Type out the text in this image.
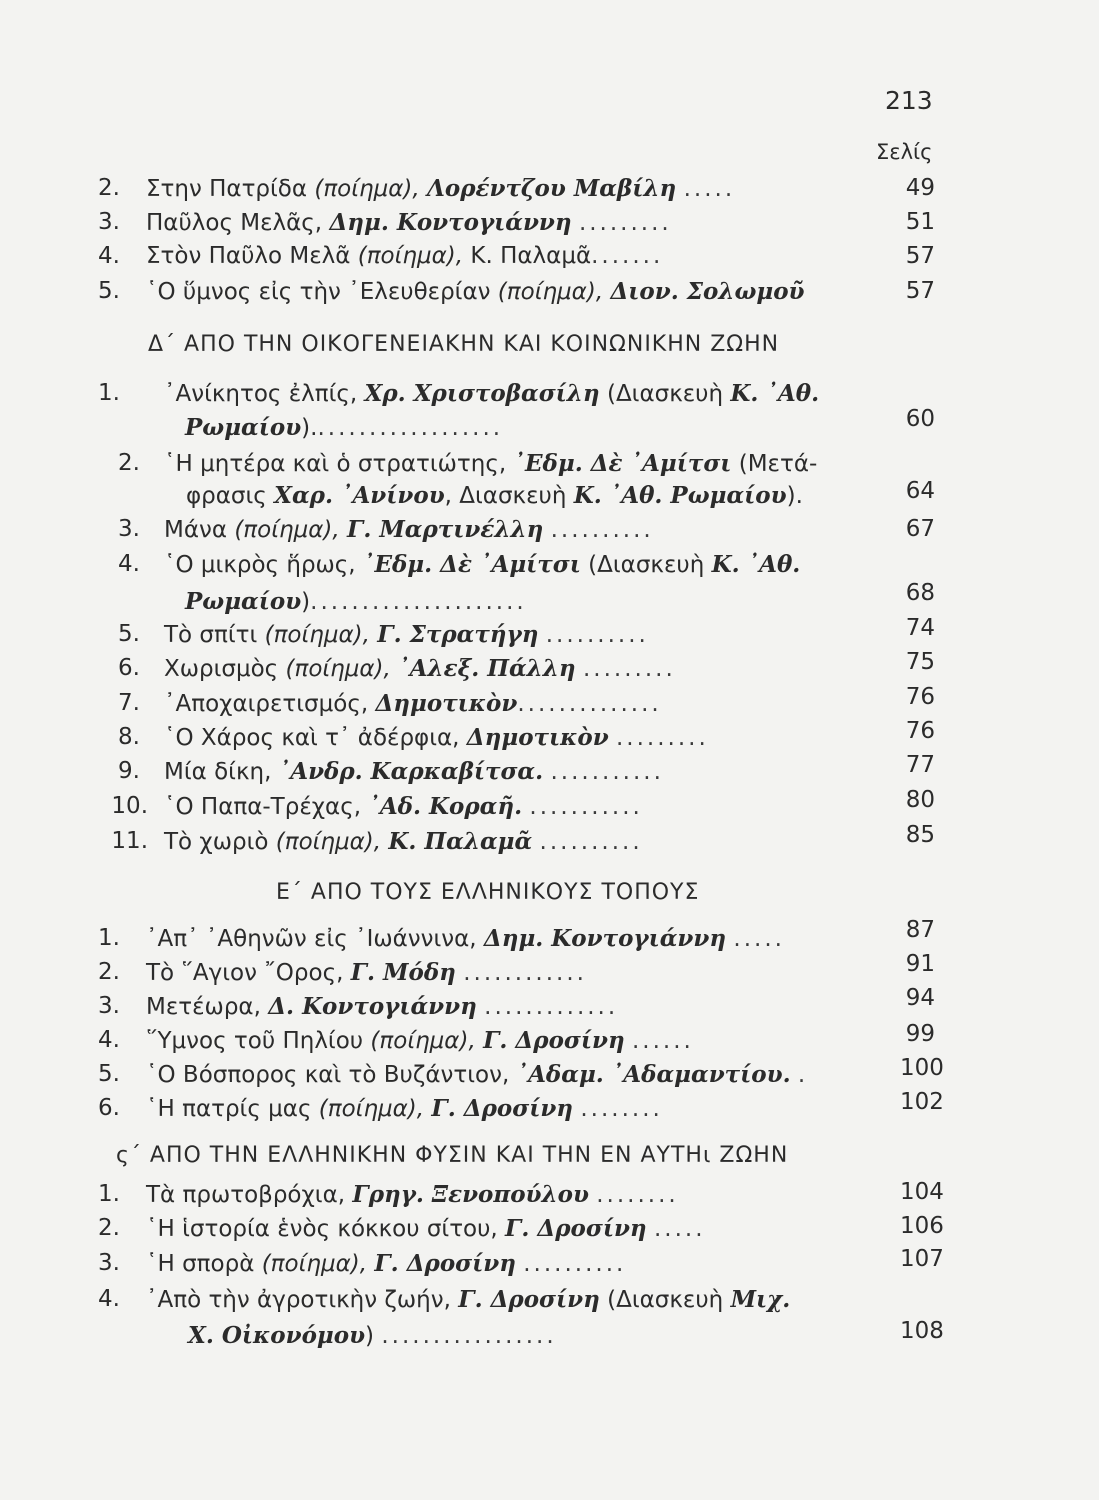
213
Σελίς
2. Στην Πατρίδα (ποίημα), Λορέντζου Μαβίλη .....	49
3. Παῦλος Μελᾶς, Δημ. Κοντογιάννη .........	51
4. Στὸν Παῦλο Μελᾶ (ποίημα), Κ. Παλαμᾶ.......	57
5. ῾Ο ὕμνος εἰς τὴν ᾿Ελευθερίαν (ποίημα), Διον. Σολωμοῦ	57
Δ΄ ΑΠΟ ΤΗΝ ΟΙΚΟΓΕΝΕΙΑΚΗΝ ΚΑΙ ΚΟΙΝΩΝΙΚΗΝ ΖΩΗΝ
1. ᾿Ανίκητος ἐλπίς, Χρ. Χριστοβασίλη (Διασκευὴ Κ. ᾿Αθ.
Ρωμαίου)...................	60
2. ῾Η μητέρα καὶ ὁ στρατιώτης, ᾿Εδμ. Δὲ ᾿Αμίτσι (Μετά-
φρασις Χαρ. ᾿Ανίνου, Διασκευὴ Κ. ᾿Αθ. Ρωμαίου).	64
3. Μάνα (ποίημα), Γ. Μαρτινέλλη ..........	67
4. ῾Ο μικρὸς ἥρως, ᾿Εδμ. Δὲ ᾿Αμίτσι (Διασκευὴ Κ. ᾿Αθ.
Ρωμαίου).....................	68
5. Τὸ σπίτι (ποίημα), Γ. Στρατήγη ..........	74
6. Χωρισμὸς (ποίημα), ᾿Αλεξ. Πάλλη .........	75
7. ᾿Αποχαιρετισμός, Δημοτικὸν..............	76
8. ῾Ο Χάρος καὶ τ᾿ ἀδέρφια, Δημοτικὸν .........	76
9. Μία δίκη, ᾿Ανδρ. Καρκαβίτσα. ...........	77
10. ῾Ο Παπα-Τρέχας, ᾿Αδ. Κοραῆ. ...........	80
11. Τὸ χωριὸ (ποίημα), Κ. Παλαμᾶ ..........	85
Ε΄ ΑΠΟ ΤΟΥΣ ΕΛΛΗΝΙΚΟΥΣ ΤΟΠΟΥΣ
1. ᾿Απ᾿ ᾿Αθηνῶν εἰς ᾿Ιωάννινα, Δημ. Κοντογιάννη .....	87
2. Τὸ ῞Αγιον ῎Ορος, Γ. Μόδη ............	91
3. Μετέωρα, Δ. Κοντογιάννη .............	94
4. ῞Υμνος τοῦ Πηλίου (ποίημα), Γ. Δροσίνη ......	99
5. ῾Ο Βόσπορος καὶ τὸ Βυζάντιον, ᾿Αδαμ. ᾿Αδαμαντίου. .	100
6. ῾Η πατρίς μας (ποίημα), Γ. Δροσίνη ........	102
ς΄ ΑΠΟ ΤΗΝ ΕΛΛΗΝΙΚΗΝ ΦΥΣΙΝ ΚΑΙ ΤΗΝ ΕΝ ΑΥΤΗι ΖΩΗΝ
1. Τὰ πρωτοβρόχια, Γρηγ. Ξενοπούλου ........	104
2. ῾Η ἱστορία ἑνὸς κόκκου σίτου, Γ. Δροσίνη .....	106
3. ῾Η σπορὰ (ποίημα), Γ. Δροσίνη ..........	107
4. ᾿Απὸ τὴν ἀγροτικὴν ζωήν, Γ. Δροσίνη (Διασκευὴ Μιχ.
Χ. Οἰκονόμου) .................	108
